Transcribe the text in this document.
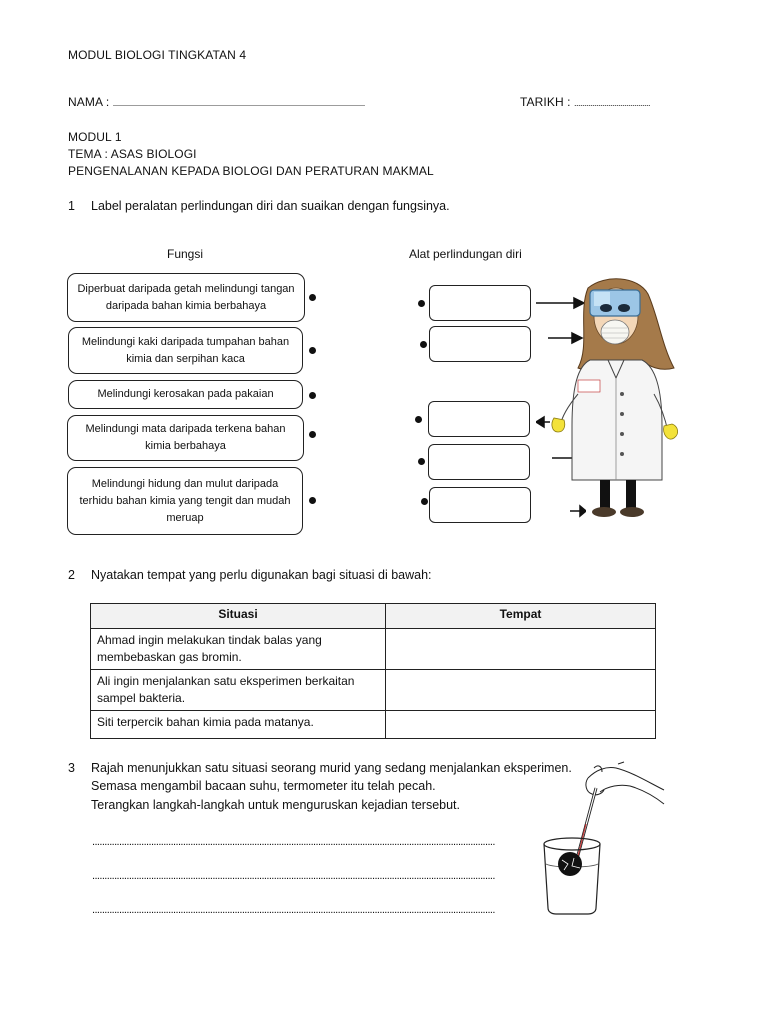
MODUL BIOLOGI TINGKATAN 4
NAMA : ..............................................................................................................................	TARIKH : ......................................
MODUL 1
TEMA : ASAS BIOLOGI
PENGENALANAN KEPADA BIOLOGI DAN PERATURAN MAKMAL
1 Label peralatan perlindungan diri dan suaikan dengan fungsinya.
Fungsi	Alat perlindungan diri
Diperbuat daripada getah melindungi tangan daripada bahan kimia berbahaya
Melindungi kaki daripada tumpahan bahan kimia dan serpihan kaca
Melindungi kerosakan pada pakaian
Melindungi mata daripada terkena bahan kimia berbahaya
Melindungi hidung dan mulut daripada terhidu bahan kimia yang tengit dan mudah meruap
2 Nyatakan tempat yang perlu digunakan bagi situasi di bawah:
Situasi	Tempat
Ahmad ingin melakukan tindak balas yang membebaskan gas bromin.	
Ali ingin menjalankan satu eksperimen berkaitan sampel bakteria.	
Siti terpercik bahan kimia pada matanya.	
3 Rajah menunjukkan satu situasi seorang murid yang sedang menjalankan eksperimen.
Semasa mengambil bacaan suhu, termometer itu telah pecah.
Terangkan langkah-langkah untuk menguruskan kejadian tersebut.
....................................................................................................................................................................
....................................................................................................................................................................
....................................................................................................................................................................
